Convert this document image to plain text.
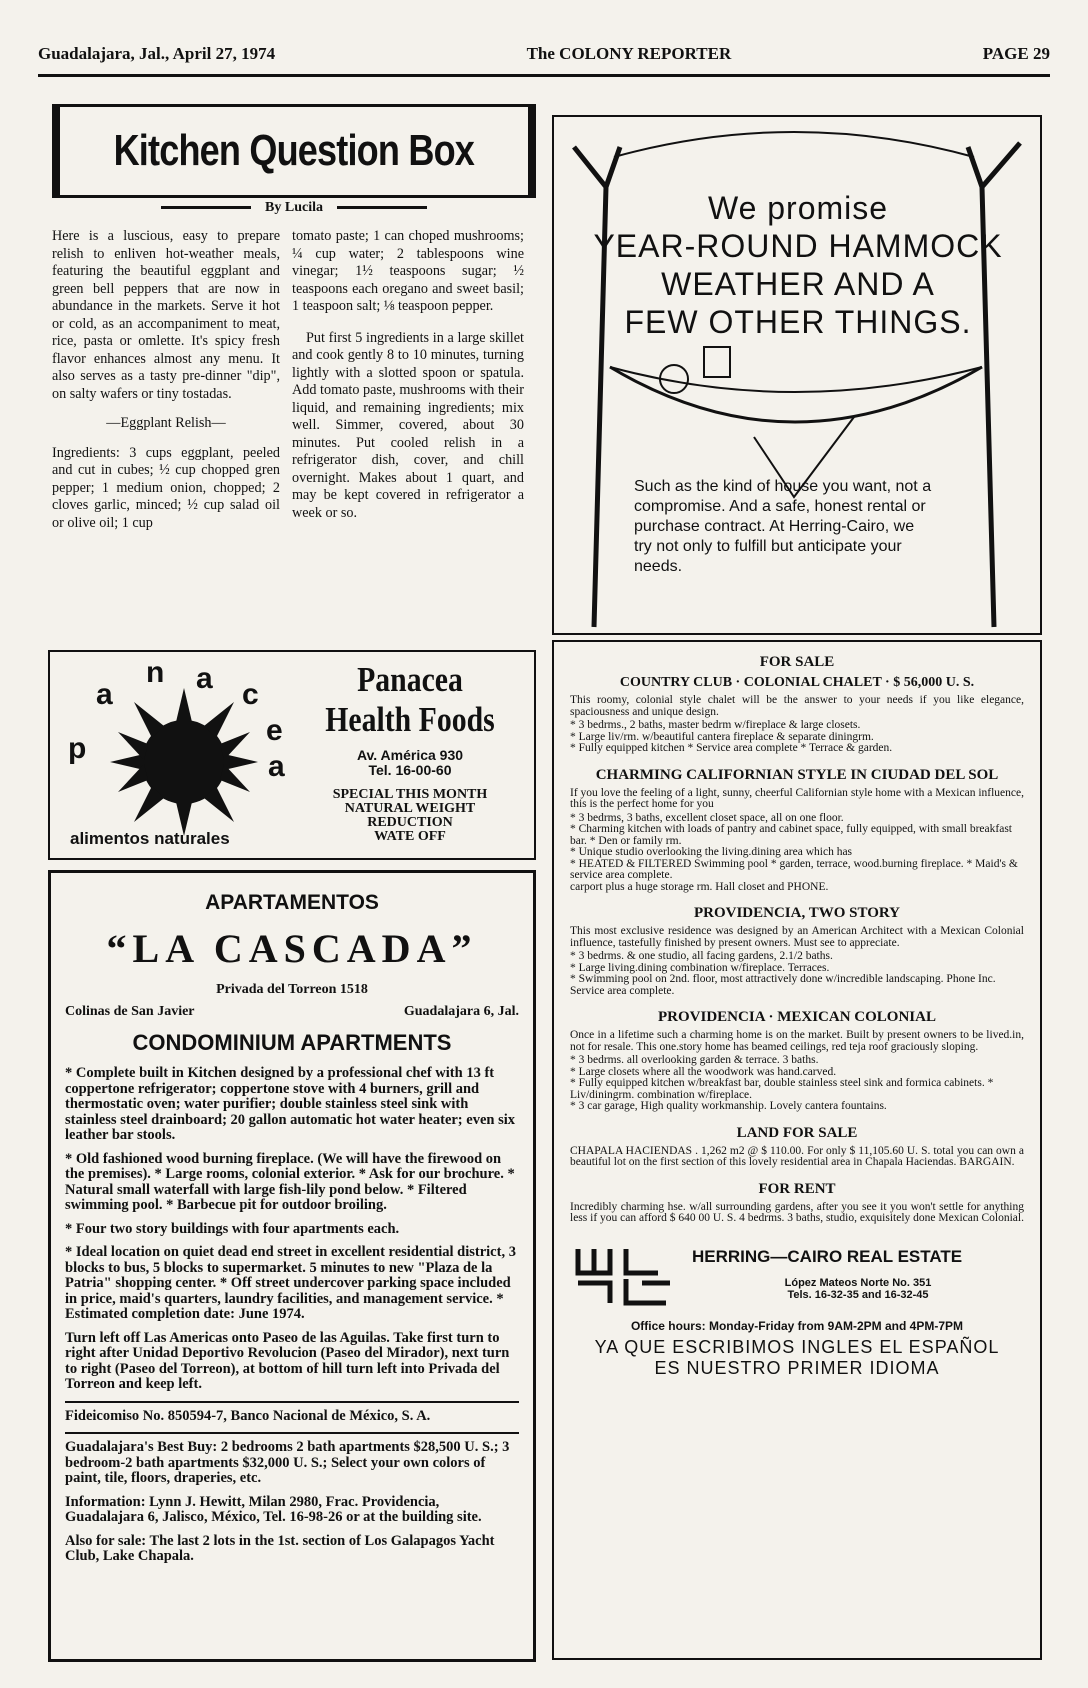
Guadalajara, Jal., April 27, 1974	The COLONY REPORTER	PAGE 29
Kitchen Question Box
By Lucila

Here is a luscious, easy to prepare relish to enliven hot-weather meals, featuring the beautiful eggplant and green bell peppers that are now in abundance in the markets. Serve it hot or cold, as an accompaniment to meat, rice, pasta or omlette. It's spicy fresh flavor enhances almost any menu. It also serves as a tasty pre-dinner "dip", on salty wafers or tiny tostadas.

—Eggplant Relish—

Ingredients: 3 cups eggplant, peeled and cut in cubes; ½ cup chopped gren pepper; 1 medium onion, chopped; 2 cloves garlic, minced; ½ cup salad oil or olive oil; 1 cup

tomato paste; 1 can choped mushrooms; ¼ cup water; 2 tablespoons wine vinegar; 1½ teaspoons sugar; ½ teaspoons each oregano and sweet basil; 1 teaspoon salt; ⅛ teaspoon pepper.

Put first 5 ingredients in a large skillet and cook gently 8 to 10 minutes, turning lightly with a slotted spoon or spatula. Add tomato paste, mushrooms with their liquid, and remaining ingredients; mix well. Simmer, covered, about 30 minutes. Put cooled relish in a refrigerator dish, cover, and chill overnight. Makes about 1 quart, and may be kept covered in refrigerator a week or so.

p
a
n a c
e
a
alimentos naturales
Panacea
Health Foods
Av. América 930
Tel. 16-00-60
SPECIAL THIS MONTH
NATURAL WEIGHT
REDUCTION
WATE OFF
APARTAMENTOS
“LA CASCADA”
Privada del Torreon 1518
Colinas de San Javier	Guadalajara 6, Jal.
CONDOMINIUM APARTMENTS

* Complete built in Kitchen designed by a professional chef with 13 ft coppertone refrigerator; coppertone stove with 4 burners, grill and thermostatic oven; water purifier; double stainless steel sink with stainless steel drainboard; 20 gallon automatic hot water heater; even six leather bar stools.

* Old fashioned wood burning fireplace. (We will have the firewood on the premises). * Large rooms, colonial exterior. * Ask for our brochure. * Natural small waterfall with large fish-lily pond below. * Filtered swimming pool. * Barbecue pit for outdoor broiling.

* Four two story buildings with four apartments each.

* Ideal location on quiet dead end street in excellent residential district, 3 blocks to bus, 5 blocks to supermarket. 5 minutes to new "Plaza de la Patria" shopping center. * Off street undercover parking space included in price, maid's quarters, laundry facilities, and management service. * Estimated completion date: June 1974.

Turn left off Las Americas onto Paseo de las Aguilas. Take first turn to right after Unidad Deportivo Revolucion (Paseo del Mirador), next turn to right (Paseo del Torreon), at bottom of hill turn left into Privada del Torreon and keep left.

Fideicomiso No. 850594-7, Banco Nacional de México, S. A.

Guadalajara's Best Buy: 2 bedrooms 2 bath apartments $28,500 U. S.; 3 bedroom-2 bath apartments $32,000 U. S.; Select your own colors of paint, tile, floors, draperies, etc.

Information: Lynn J. Hewitt, Milan 2980, Frac. Providencia, Guadalajara 6, Jalisco, México, Tel. 16-98-26 or at the building site.

Also for sale: The last 2 lots in the 1st. section of Los Galapagos Yacht Club, Lake Chapala.

We promise
YEAR-ROUND HAMMOCK
WEATHER AND A
FEW OTHER THINGS.
Such as the kind of house you want, not a compromise. And a safe, honest rental or purchase contract. At Herring-Cairo, we try not only to fulfill but anticipate your needs.
FOR SALE
COUNTRY CLUB · COLONIAL CHALET · $ 56,000 U. S.

This roomy, colonial style chalet will be the answer to your needs if you like elegance, spaciousness and unique design.

* 3 bedrms., 2 baths, master bedrm w/fireplace & large closets.

* Large liv/rm. w/beautiful cantera fireplace & separate diningrm.

* Fully equipped kitchen * Service area complete * Terrace & garden.

CHARMING CALIFORNIAN STYLE IN CIUDAD DEL SOL

If you love the feeling of a light, sunny, cheerful Californian style home with a Mexican influence, this is the perfect home for you

* 3 bedrms, 3 baths, excellent closet space, all on one floor.

* Charming kitchen with loads of pantry and cabinet space, fully equipped, with small breakfast bar. * Den or family rm.

* Unique studio overlooking the living.dining area which has

* HEATED & FILTERED Swimming pool * garden, terrace, wood.burning fireplace. * Maid's & service area complete.

carport plus a huge storage rm. Hall closet and PHONE.

PROVIDENCIA, TWO STORY

This most exclusive residence was designed by an American Architect with a Mexican Colonial influence, tastefully finished by present owners. Must see to appreciate.

* 3 bedrms. & one studio, all facing gardens, 2.1/2 baths.

* Large living.dining combination w/fireplace. Terraces.

* Swimming pool on 2nd. floor, most attractively done w/incredible landscaping. Phone Inc. Service area complete.

PROVIDENCIA · MEXICAN COLONIAL

Once in a lifetime such a charming home is on the market. Built by present owners to be lived.in, not for resale. This one.story home has beamed ceilings, red teja roof graciously sloping.

* 3 bedrms. all overlooking garden & terrace. 3 baths.

* Large closets where all the woodwork was hand.carved.

* Fully equipped kitchen w/breakfast bar, double stainless steel sink and formica cabinets. * Liv/diningrm. combination w/fireplace.

* 3 car garage, High quality workmanship. Lovely cantera fountains.

LAND FOR SALE

CHAPALA HACIENDAS . 1,262 m2 @ $ 110.00. For only $ 11,105.60 U. S. total you can own a beautiful lot on the first section of this lovely residential area in Chapala Haciendas. BARGAIN.

FOR RENT

Incredibly charming hse. w/all surrounding gardens, after you see it you won't settle for anything less if you can afford $ 640 00 U. S. 4 bedrms. 3 baths, studio, exquisitely done Mexican Colonial.

HERRING—CAIRO REAL ESTATE
López Mateos Norte No. 351
Tels. 16-32-35 and 16-32-45
Office hours: Monday-Friday from 9AM-2PM and 4PM-7PM
YA QUE ESCRIBIMOS INGLES EL ESPAÑOL
ES NUESTRO PRIMER IDIOMA
